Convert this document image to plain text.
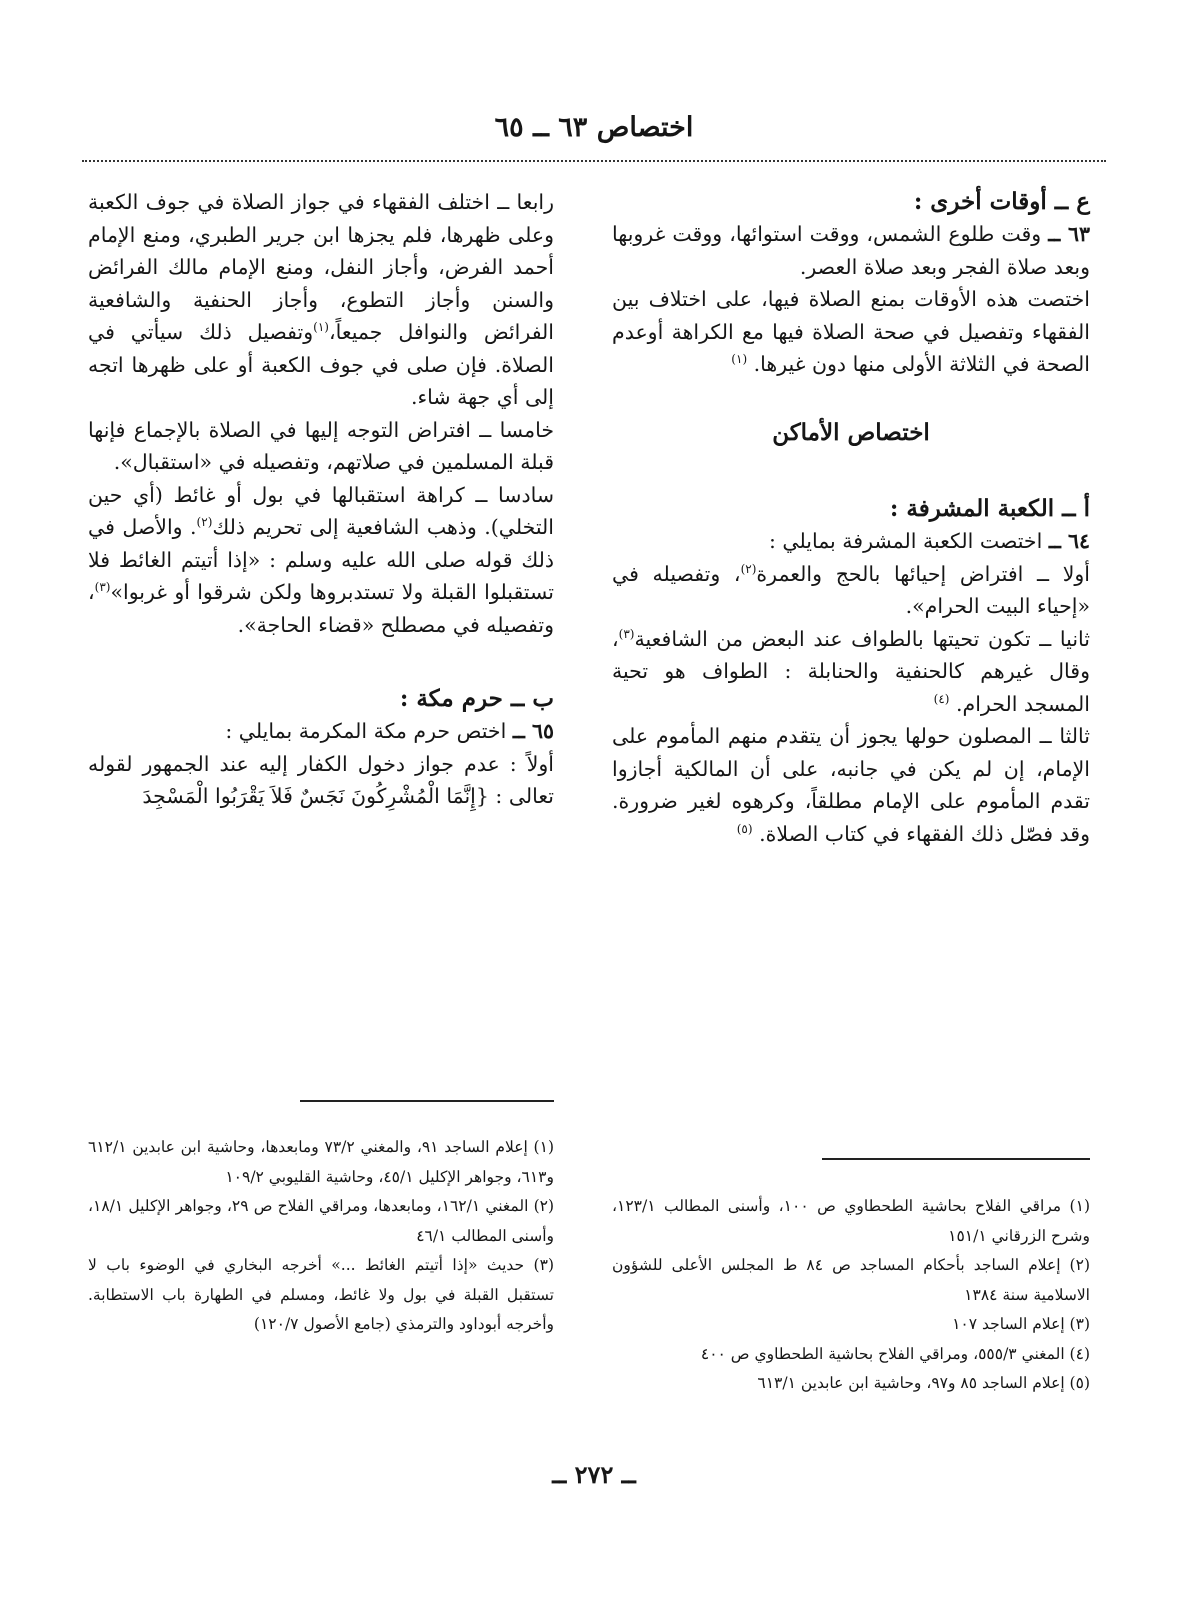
اختصاص ٦٣ ــ ٦٥
ع ــ أوقات أخرى :

٦٣ ــ وقت طلوع الشمس، ووقت استوائها، ووقت غروبها وبعد صلاة الفجر وبعد صلاة العصر.

اختصت هذه الأوقات بمنع الصلاة فيها، على اختلاف بين الفقهاء وتفصيل في صحة الصلاة فيها مع الكراهة أوعدم الصحة في الثلاثة الأولى منها دون غيرها. $^{(١)}$

اختصاص الأماكن
أ ــ الكعبة المشرفة :

٦٤ ــ اختصت الكعبة المشرفة بمايلي :

أولا ــ افتراض إحيائها بالحج والعمرة$^{(٢)}$، وتفصيله في «إحياء البيت الحرام».

ثانيا ــ تكون تحيتها بالطواف عند البعض من الشافعية$^{(٣)}$، وقال غيرهم كالحنفية والحنابلة : الطواف هو تحية المسجد الحرام. $^{(٤)}$

ثالثا ــ المصلون حولها يجوز أن يتقدم منهم المأموم على الإمام، إن لم يكن في جانبه، على أن المالكية أجازوا تقدم المأموم على الإمام مطلقاً، وكرهوه لغير ضرورة. وقد فصّل ذلك الفقهاء في كتاب الصلاة. $^{(٥)}$

رابعا ــ اختلف الفقهاء في جواز الصلاة في جوف الكعبة وعلى ظهرها، فلم يجزها ابن جرير الطبري، ومنع الإمام أحمد الفرض، وأجاز النفل، ومنع الإمام مالك الفرائض والسنن وأجاز التطوع، وأجاز الحنفية والشافعية الفرائض والنوافل جميعاً،$^{(١)}$وتفصيل ذلك سيأتي في الصلاة. فإن صلى في جوف الكعبة أو على ظهرها اتجه إلى أي جهة شاء.

خامسا ــ افتراض التوجه إليها في الصلاة بالإجماع فإنها قبلة المسلمين في صلاتهم، وتفصيله في «استقبال».

سادسا ــ كراهة استقبالها في بول أو غائط (أي حين التخلي). وذهب الشافعية إلى تحريم ذلك$^{(٢)}$. والأصل في ذلك قوله صلى الله عليه وسلم : «إذا أتيتم الغائط فلا تستقبلوا القبلة ولا تستدبروها ولكن شرقوا أو غربوا»$^{(٣)}$، وتفصيله في مصطلح «قضاء الحاجة».

ب ــ حرم مكة :

٦٥ ــ اختص حرم مكة المكرمة بمايلي :

أولاً : عدم جواز دخول الكفار إليه عند الجمهور لقوله تعالى : {إِنَّمَا الْمُشْرِكُونَ نَجَسٌ فَلاَ يَقْرَبُوا الْمَسْجِدَ

(١) مراقي الفلاح بحاشية الطحطاوي ص ١٠٠، وأسنى المطالب ١٢٣/١، وشرح الزرقاني ١٥١/١

(٢) إعلام الساجد بأحكام المساجد ص ٨٤ ط المجلس الأعلى للشؤون الاسلامية سنة ١٣٨٤

(٣) إعلام الساجد ١٠٧

(٤) المغني ٥٥٥/٣، ومراقي الفلاح بحاشية الطحطاوي ص ٤٠٠

(٥) إعلام الساجد ٨٥ و٩٧، وحاشية ابن عابدين ٦١٣/١

(١) إعلام الساجد ٩١، والمغني ٧٣/٢ ومابعدها، وحاشية ابن عابدين ٦١٢/١ و٦١٣، وجواهر الإكليل ٤٥/١، وحاشية القليوبي ١٠٩/٢

(٢) المغني ١٦٢/١، ومابعدها، ومراقي الفلاح ص ٢٩، وجواهر الإكليل ١٨/١، وأسنى المطالب ٤٦/١

(٣) حديث «إذا أتيتم الغائط ...» أخرجه البخاري في الوضوء باب لا تستقبل القبلة في بول ولا غائط، ومسلم في الطهارة باب الاستطابة. وأخرجه أبوداود والترمذي (جامع الأصول ١٢٠/٧)

ــ ٢٧٢ ــ
